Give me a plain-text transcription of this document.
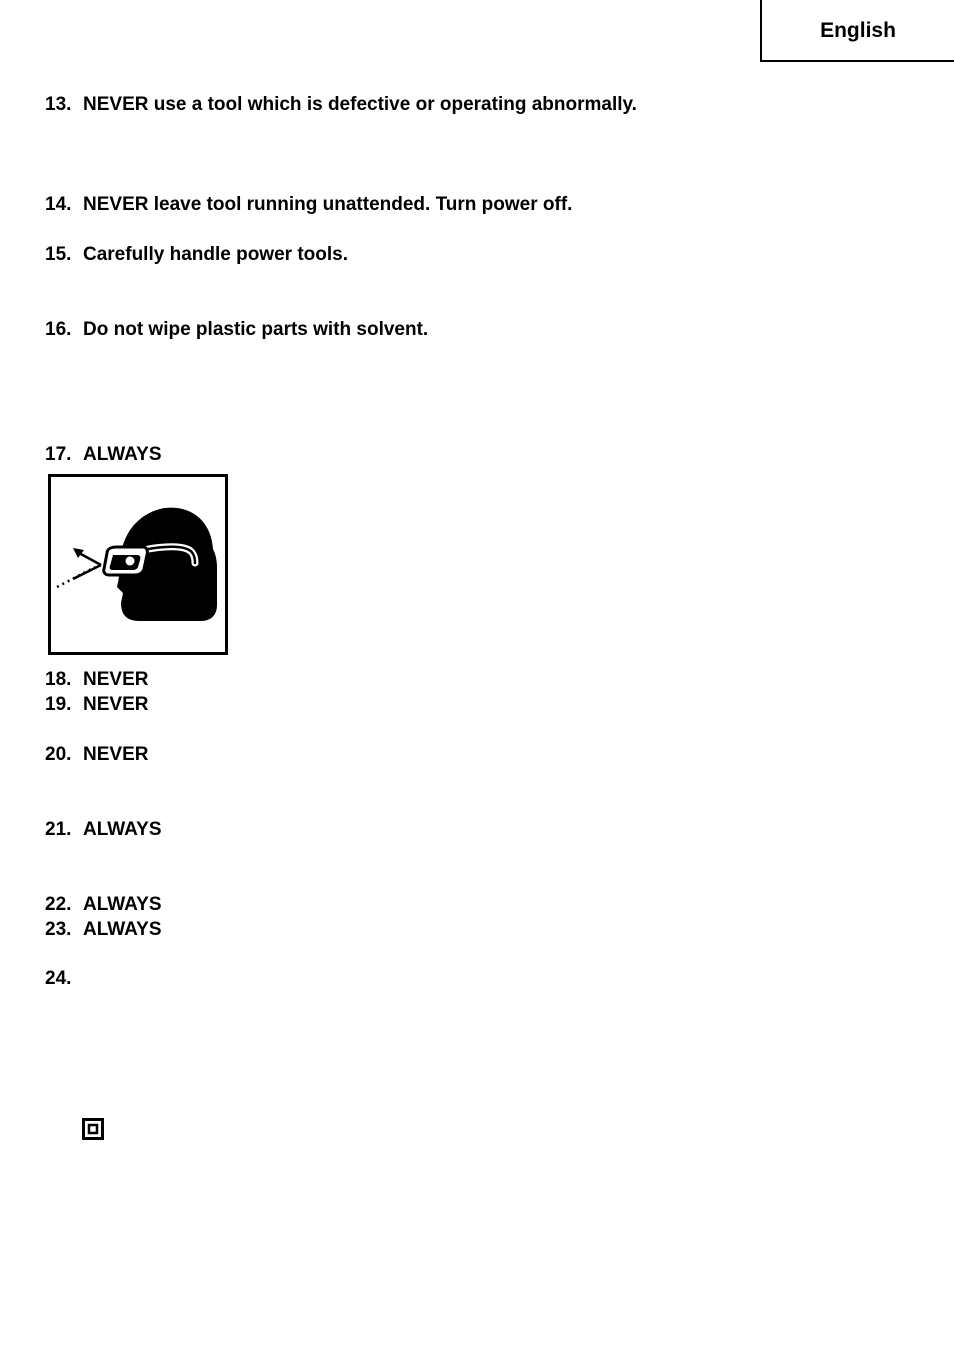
English
13. NEVER use a tool which is defective or operating abnormally.
14. NEVER leave tool running unattended. Turn power off.
15. Carefully handle power tools.
16. Do not wipe plastic parts with solvent.
17. ALWAYS
18. NEVER
19. NEVER
20. NEVER
21. ALWAYS
22. ALWAYS
23. ALWAYS
24.
